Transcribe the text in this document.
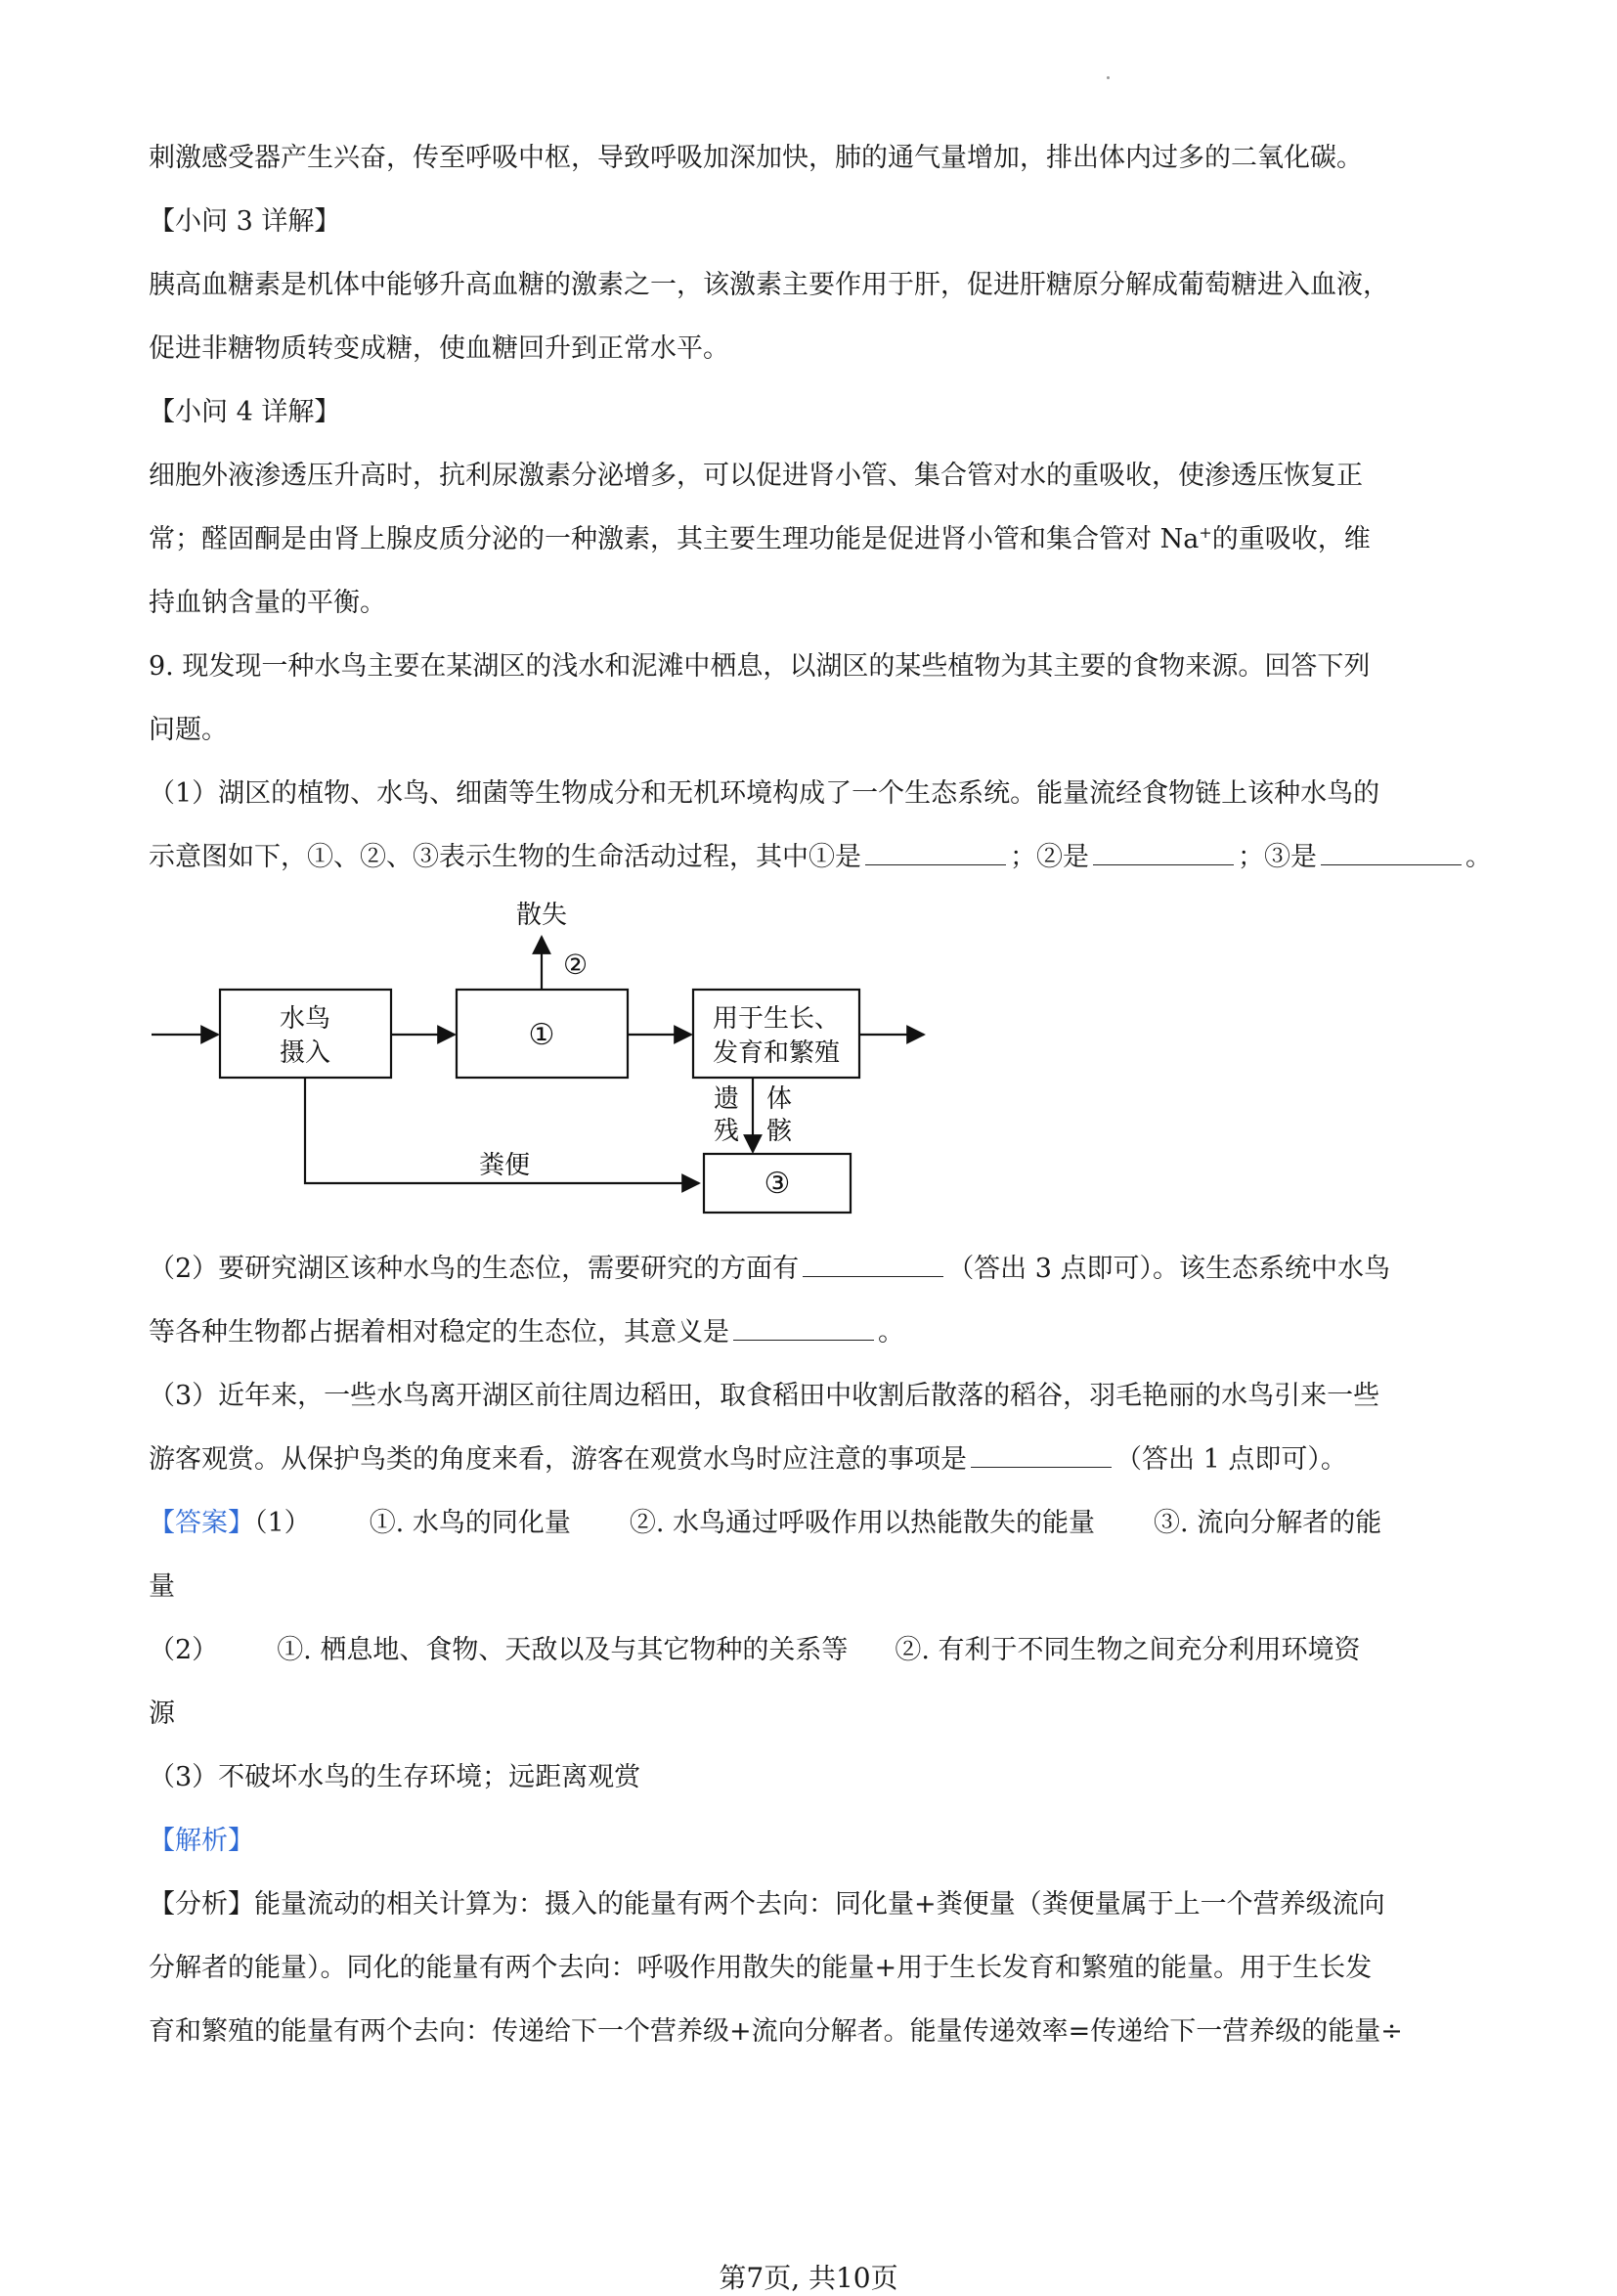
刺激感受器产生兴奋，传至呼吸中枢，导致呼吸加深加快，肺的通气量增加，排出体内过多的二氧化碳。
【小问 3 详解】
胰高血糖素是机体中能够升高血糖的激素之一，该激素主要作用于肝，促进肝糖原分解成葡萄糖进入血液，
促进非糖物质转变成糖，使血糖回升到正常水平。
【小问 4 详解】
细胞外液渗透压升高时，抗利尿激素分泌增多，可以促进肾小管、集合管对水的重吸收，使渗透压恢复正
常；醛固酮是由肾上腺皮质分泌的一种激素，其主要生理功能是促进肾小管和集合管对 Na+的重吸收，维
持血钠含量的平衡。
9. 现发现一种水鸟主要在某湖区的浅水和泥滩中栖息，以湖区的某些植物为其主要的食物来源。回答下列
问题。
（1）湖区的植物、水鸟、细菌等生物成分和无机环境构成了一个生态系统。能量流经食物链上该种水鸟的
示意图如下，①、②、③表示生物的生命活动过程，其中①是	；②是	；③是	。
水鸟
摄入
①
散失
②
用于生长、
发育和繁殖
遗
残
体
骸
粪便
③
（2）要研究湖区该种水鸟的生态位，需要研究的方面有	（答出 3 点即可）。该生态系统中水鸟
等各种生物都占据着相对稳定的生态位，其意义是	。
（3）近年来，一些水鸟离开湖区前往周边稻田，取食稻田中收割后散落的稻谷，羽毛艳丽的水鸟引来一些
游客观赏。从保护鸟类的角度来看，游客在观赏水鸟时应注意的事项是	（答出 1 点即可）。
【答案】（1） ①. 水鸟的同化量 ②. 水鸟通过呼吸作用以热能散失的能量 ③. 流向分解者的能
量
（2） ①. 栖息地、食物、天敌以及与其它物种的关系等 ②. 有利于不同生物之间充分利用环境资
源
（3）不破坏水鸟的生存环境；远距离观赏
【解析】
【分析】能量流动的相关计算为：摄入的能量有两个去向：同化量+粪便量（粪便量属于上一个营养级流向
分解者的能量）。同化的能量有两个去向：呼吸作用散失的能量+用于生长发育和繁殖的能量。用于生长发
育和繁殖的能量有两个去向：传递给下一个营养级+流向分解者。能量传递效率=传递给下一营养级的能量÷
第7页, 共10页
